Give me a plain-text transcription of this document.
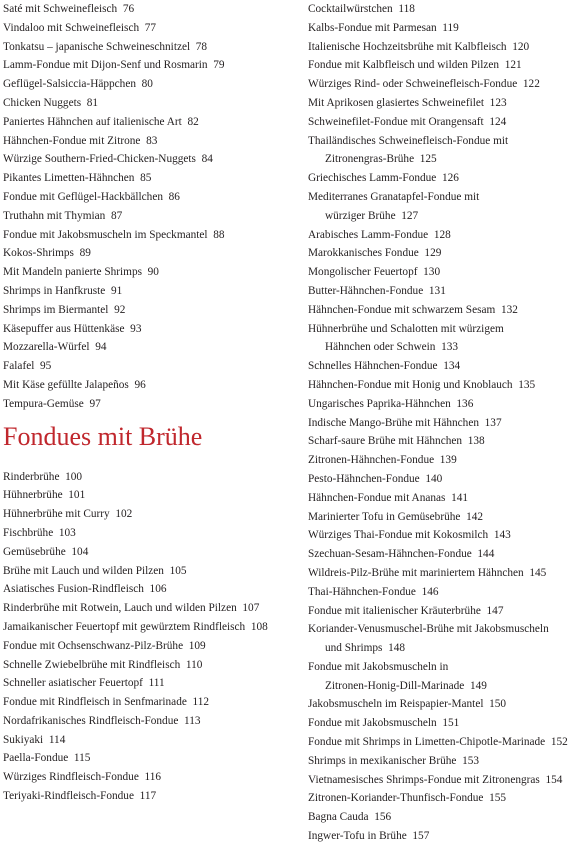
Saté mit Schweinefleisch  76
Vindaloo mit Schweinefleisch  77
Tonkatsu – japanische Schweineschnitzel  78
Lamm-Fondue mit Dijon-Senf und Rosmarin  79
Geflügel-Salsiccia-Häppchen  80
Chicken Nuggets  81
Paniertes Hähnchen auf italienische Art  82
Hähnchen-Fondue mit Zitrone  83
Würzige Southern-Fried-Chicken-Nuggets  84
Pikantes Limetten-Hähnchen  85
Fondue mit Geflügel-Hackbällchen  86
Truthahn mit Thymian  87
Fondue mit Jakobsmuscheln im Speckmantel  88
Kokos-Shrimps  89
Mit Mandeln panierte Shrimps  90
Shrimps in Hanfkruste  91
Shrimps im Biermantel  92
Käsepuffer aus Hüttenkäse  93
Mozzarella-Würfel  94
Falafel  95
Mit Käse gefüllte Jalapeños  96
Tempura-Gemüse  97
Fondues mit Brühe
Rinderbrühe  100
Hühnerbrühe  101
Hühnerbrühe mit Curry  102
Fischbrühe  103
Gemüsebrühe  104
Brühe mit Lauch und wilden Pilzen  105
Asiatisches Fusion-Rindfleisch  106
Rinderbrühe mit Rotwein, Lauch und wilden Pilzen  107
Jamaikanischer Feuertopf mit gewürztem Rindfleisch  108
Fondue mit Ochsenschwanz-Pilz-Brühe  109
Schnelle Zwiebelbrühe mit Rindfleisch  110
Schneller asiatischer Feuertopf  111
Fondue mit Rindfleisch in Senfmarinade  112
Nordafrikanisches Rindfleisch-Fondue  113
Sukiyaki  114
Paella-Fondue  115
Würziges Rindfleisch-Fondue  116
Teriyaki-Rindfleisch-Fondue  117
Cocktailwürstchen  118
Kalbs-Fondue mit Parmesan  119
Italienische Hochzeitsbrühe mit Kalbfleisch  120
Fondue mit Kalbfleisch und wilden Pilzen  121
Würziges Rind- oder Schweinefleisch-Fondue  122
Mit Aprikosen glasiertes Schweinefilet  123
Schweinefilet-Fondue mit Orangensaft  124
Thailändisches Schweinefleisch-Fondue mit
Zitronengras-Brühe  125
Griechisches Lamm-Fondue  126
Mediterranes Granatapfel-Fondue mit
würziger Brühe  127
Arabisches Lamm-Fondue  128
Marokkanisches Fondue  129
Mongolischer Feuertopf  130
Butter-Hähnchen-Fondue  131
Hähnchen-Fondue mit schwarzem Sesam  132
Hühnerbrühe und Schalotten mit würzigem
Hähnchen oder Schwein  133
Schnelles Hähnchen-Fondue  134
Hähnchen-Fondue mit Honig und Knoblauch  135
Ungarisches Paprika-Hähnchen  136
Indische Mango-Brühe mit Hähnchen  137
Scharf-saure Brühe mit Hähnchen  138
Zitronen-Hähnchen-Fondue  139
Pesto-Hähnchen-Fondue  140
Hähnchen-Fondue mit Ananas  141
Marinierter Tofu in Gemüsebrühe  142
Würziges Thai-Fondue mit Kokosmilch  143
Szechuan-Sesam-Hähnchen-Fondue  144
Wildreis-Pilz-Brühe mit mariniertem Hähnchen  145
Thai-Hähnchen-Fondue  146
Fondue mit italienischer Kräuterbrühe  147
Koriander-Venusmuschel-Brühe mit Jakobsmuscheln
und Shrimps  148
Fondue mit Jakobsmuscheln in
Zitronen-Honig-Dill-Marinade  149
Jakobsmuscheln im Reispapier-Mantel  150
Fondue mit Jakobsmuscheln  151
Fondue mit Shrimps in Limetten-Chipotle-Marinade  152
Shrimps in mexikanischer Brühe  153
Vietnamesisches Shrimps-Fondue mit Zitronengras  154
Zitronen-Koriander-Thunfisch-Fondue  155
Bagna Cauda  156
Ingwer-Tofu in Brühe  157
